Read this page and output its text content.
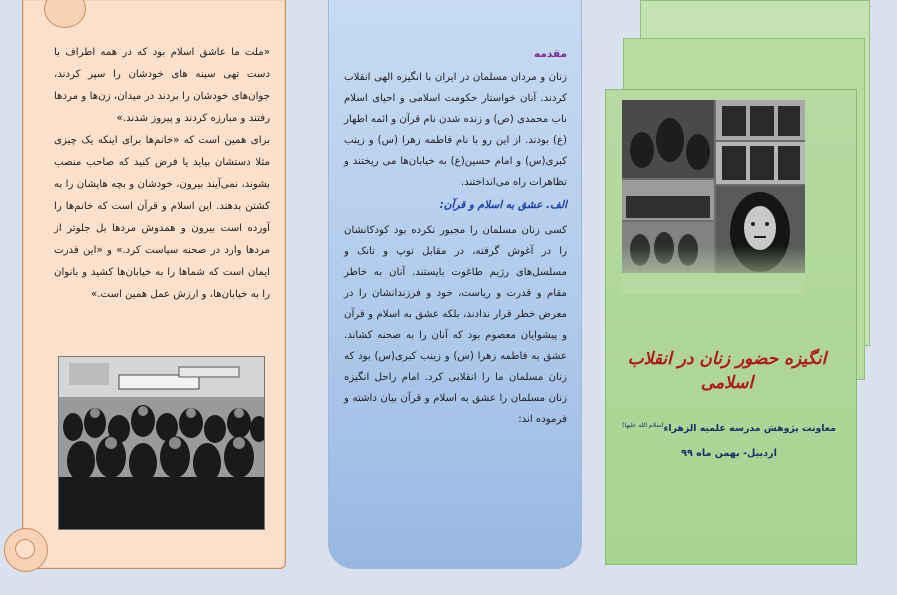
«ملت ما عاشق اسلام بود که در همه اطراف با دست تهی سینه های خودشان را سپر کردند، جوان‌های خودشان را بردند در میدان، زن‌ها و مردها رفتند و مبارزه کردند و پیروز شدند.»
برای همین است که «خانم‌ها برای اینکه یک چیزی مثلا دستشان بیاید یا فرض کنید که صاحب منصب بشوند، نمی‌آیند بیرون، خودشان و بچه هایشان را به کشتن بدهند. این اسلام و قرآن است که خانم‌ها را آورده است بیرون و همدوش مردها بل جلوتر از مردها وارد در صحنه سیاست کرد.» و «این قدرت ایمان است که شماها را به خیابان‌ها کشید و بانوان را به خیابان‌ها، و ارزش عمل همین است.»
مقدمه

زنان و مردان مسلمان در ایران با انگیزه الهی انقلاب کردند. آنان خواستار حکومت اسلامی و احیای اسلام ناب محمدی (ص) و زنده شدن نام قرآن و ائمه اطهار (ع) بودند. از این رو با نام فاطمه زهرا (س) و زینب کبری(س) و امام حسین(ع) به خیابان‌ها می ریختند و تظاهرات راه می‌انداختند.

الف. عشق به اسلام و قرآن:

کسی زنان مسلمان را مجبور نکرده بود کودکانشان را در آغوش گرفته، در مقابل توپ و تانک و مسلسل‌های رژیم طاغوت بایستند. آنان به خاطر مقام و قدرت و ریاست، خود و فرزندانشان را در معرض خطر قرار ندادند، بلکه عشق به اسلام و قرآن و پیشوایان معصوم بود که آنان را به صحنه کشاند. عشق به فاطمه زهرا (س) و زینب کبری(س) بود که زنان مسلمان ما را انقلابی کرد. امام راحل انگیزه زنان مسلمان را عشق به اسلام و قرآن بیان داشته و فرموده اند:

انگیزه حضور زنان در انقلاب اسلامی
معاونت پژوهش مدرسه علمیه الزهراء$^{(سلام الله علیها)}$
اردبیل- بهمن ماه ۹۹
